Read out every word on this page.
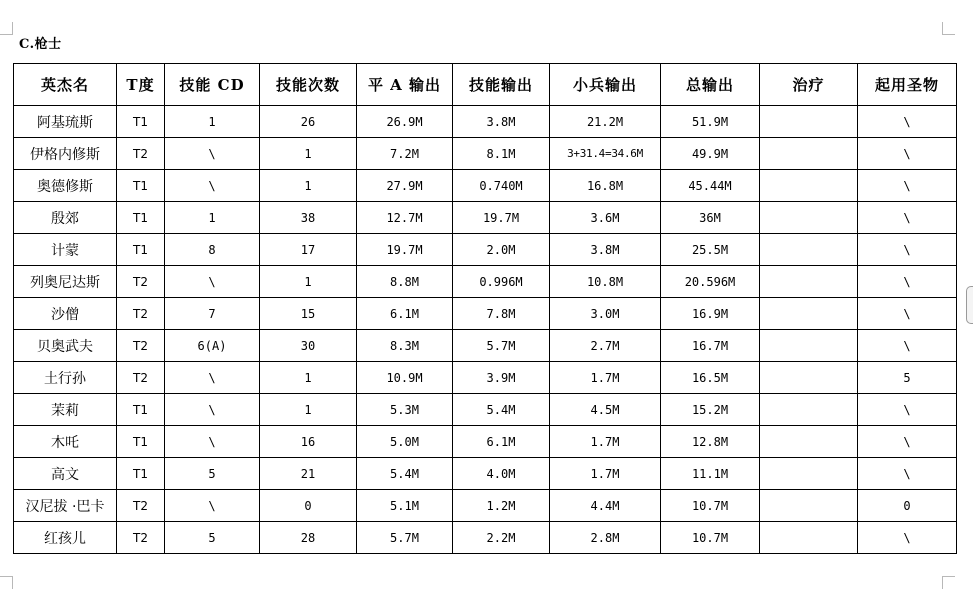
C.枪士
英杰名	T度	技能 CD	技能次数	平 A 输出	技能输出	小兵输出	总输出	治疗	起用圣物
阿基琉斯	T1	1	26	26.9M	3.8M	21.2M	51.9M		\
伊格内修斯	T2	\	1	7.2M	8.1M	3+31.4=34.6M	49.9M		\
奥德修斯	T1	\	1	27.9M	0.740M	16.8M	45.44M		\
殷郊	T1	1	38	12.7M	19.7M	3.6M	36M		\
计蒙	T1	8	17	19.7M	2.0M	3.8M	25.5M		\
列奥尼达斯	T2	\	1	8.8M	0.996M	10.8M	20.596M		\
沙僧	T2	7	15	6.1M	7.8M	3.0M	16.9M		\
贝奥武夫	T2	6(A)	30	8.3M	5.7M	2.7M	16.7M		\
土行孙	T2	\	1	10.9M	3.9M	1.7M	16.5M		5
茉莉	T1	\	1	5.3M	5.4M	4.5M	15.2M		\
木吒	T1	\	16	5.0M	6.1M	1.7M	12.8M		\
高文	T1	5	21	5.4M	4.0M	1.7M	11.1M		\
汉尼拔 ·巴卡	T2	\	0	5.1M	1.2M	4.4M	10.7M		0
红孩儿	T2	5	28	5.7M	2.2M	2.8M	10.7M		\
